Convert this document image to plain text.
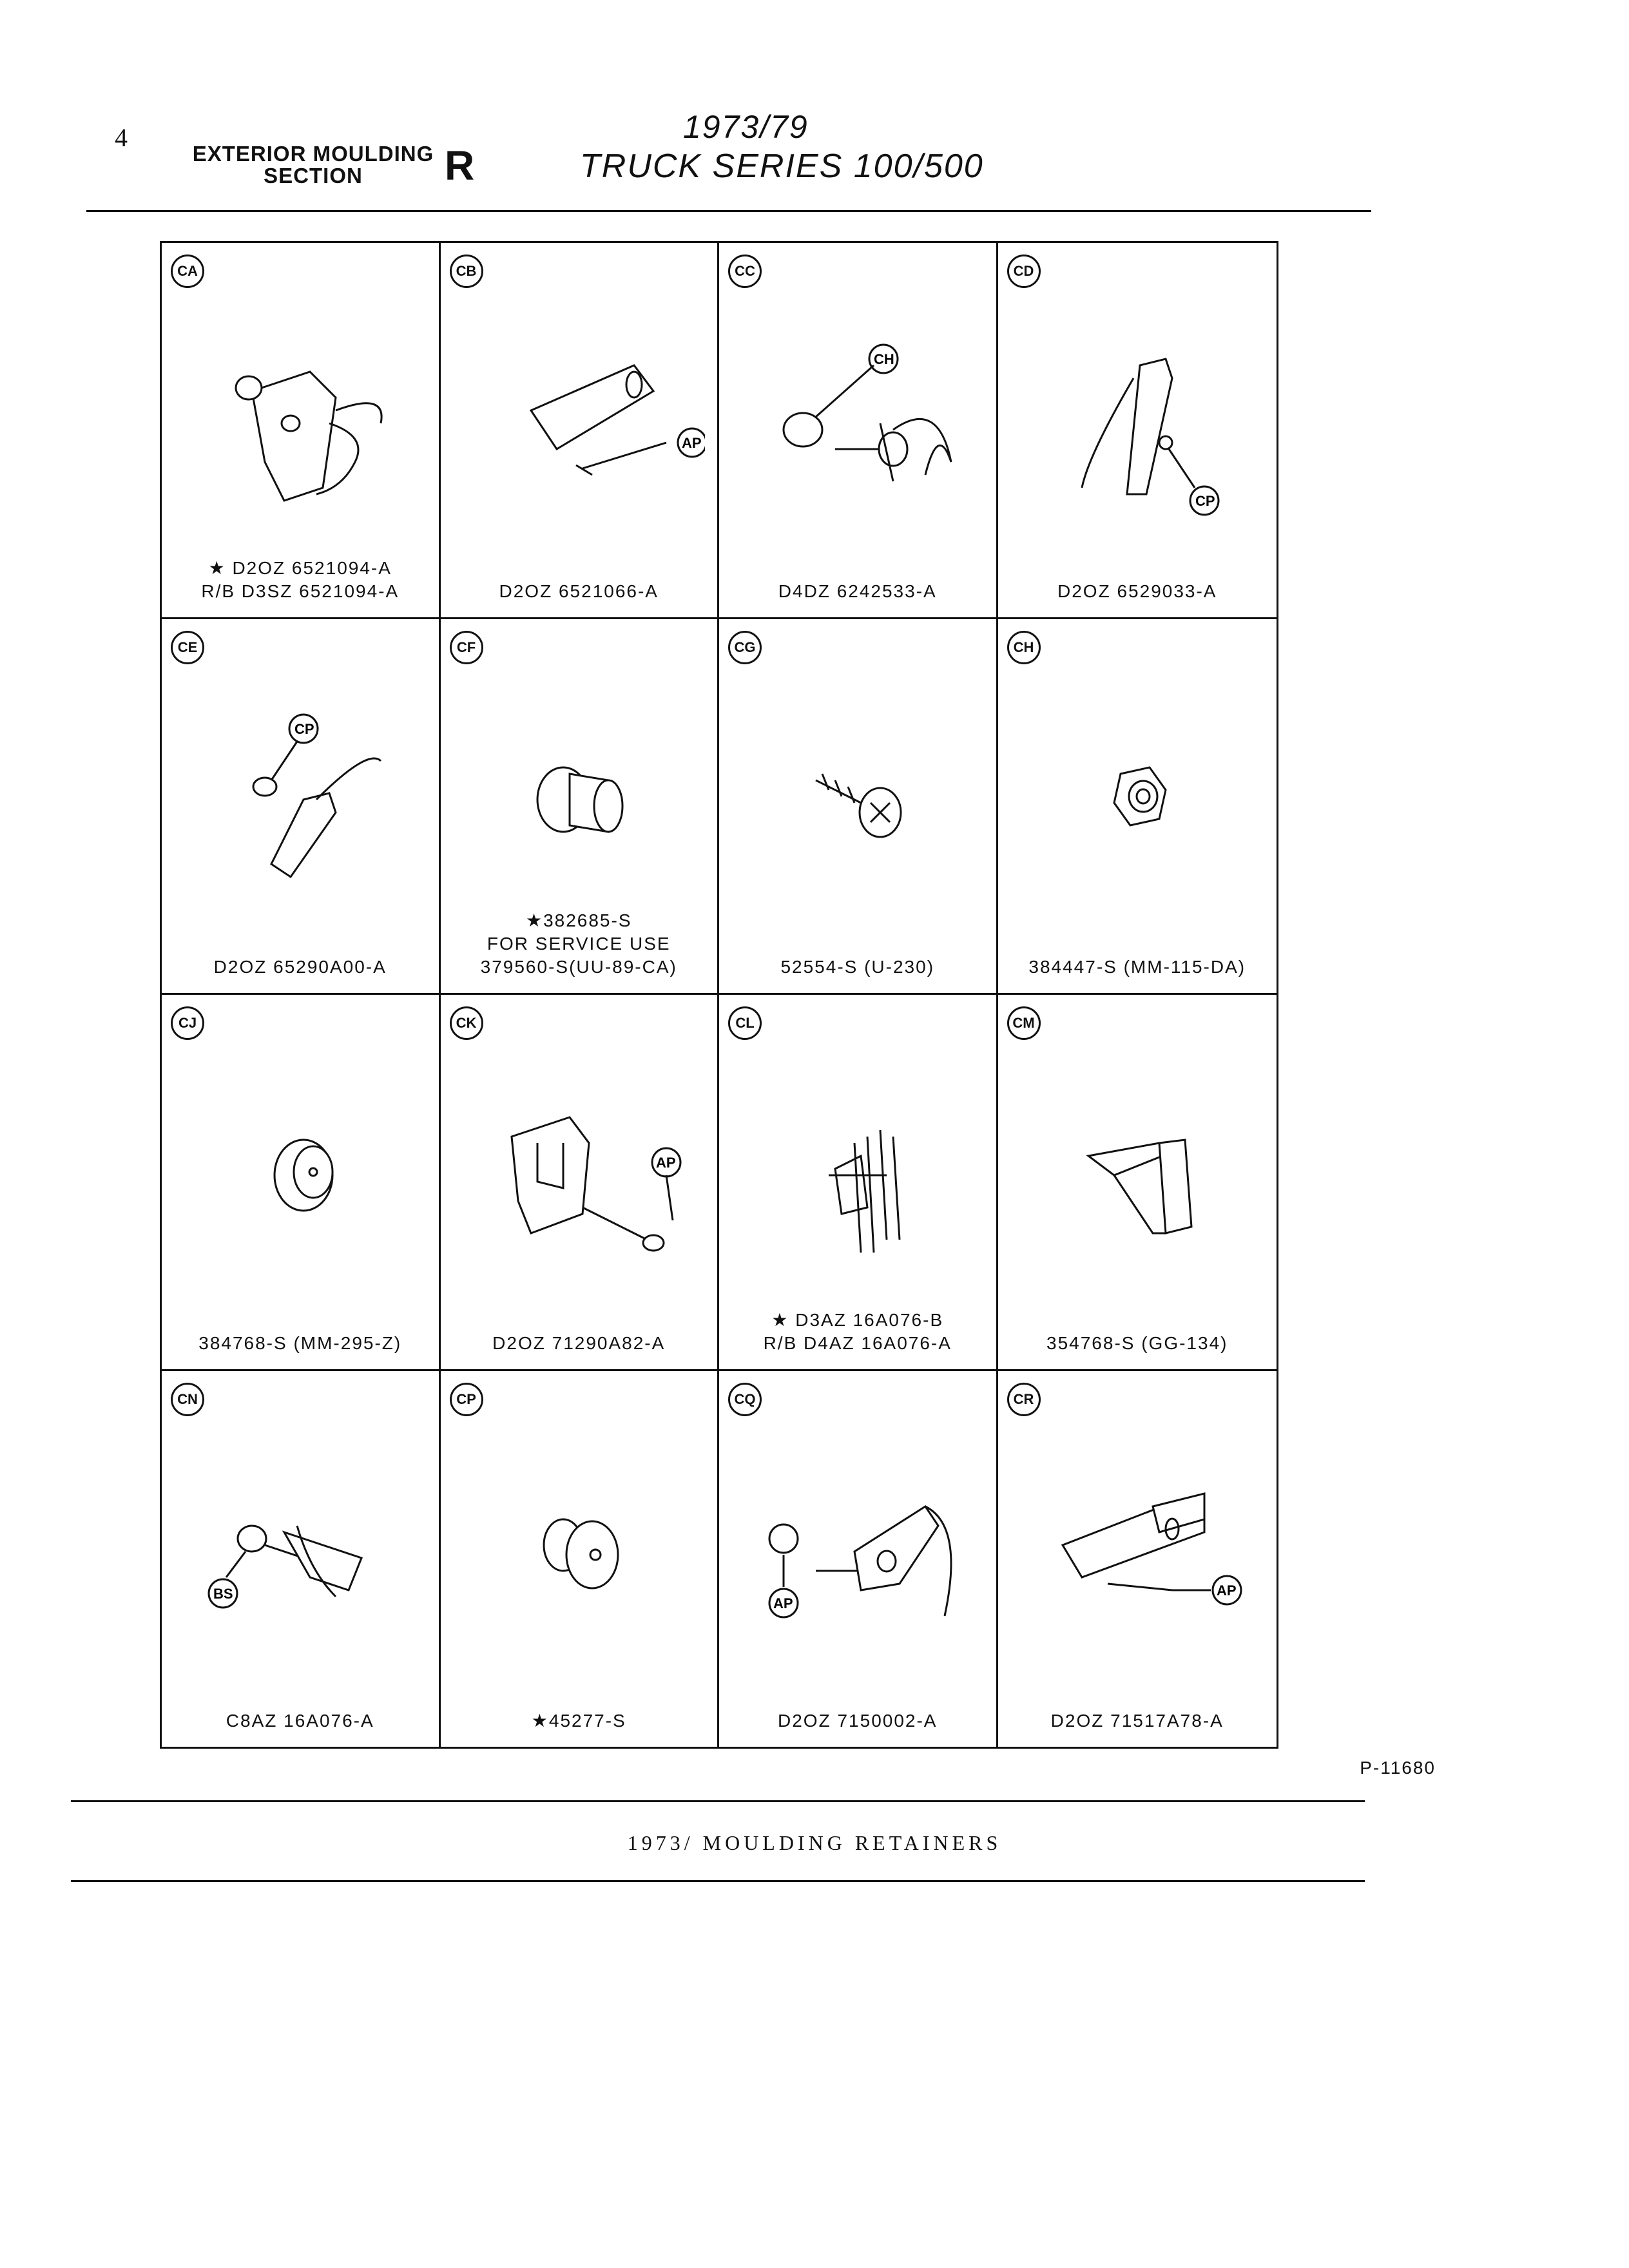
4
EXTERIOR MOULDING SECTION	R
1973/79
TRUCK SERIES 100/500
CA
★ D2OZ 6521094-A
R/B D3SZ 6521094-A
CB
AP
D2OZ 6521066-A
CC
CH
D4DZ 6242533-A
CD
CP
D2OZ 6529033-A
CE
CP
D2OZ 65290A00-A
CF
★382685-S
FOR SERVICE USE
379560-S(UU-89-CA)
CG
52554-S (U-230)
CH
384447-S (MM-115-DA)
CJ
384768-S (MM-295-Z)
CK
AP
D2OZ 71290A82-A
CL
★ D3AZ 16A076-B
R/B D4AZ 16A076-A
CM
354768-S (GG-134)
CN
BS
C8AZ 16A076-A
CP
★45277-S
CQ
AP
D2OZ 7150002-A
CR
AP
D2OZ 71517A78-A
P-11680
1973/ MOULDING RETAINERS
